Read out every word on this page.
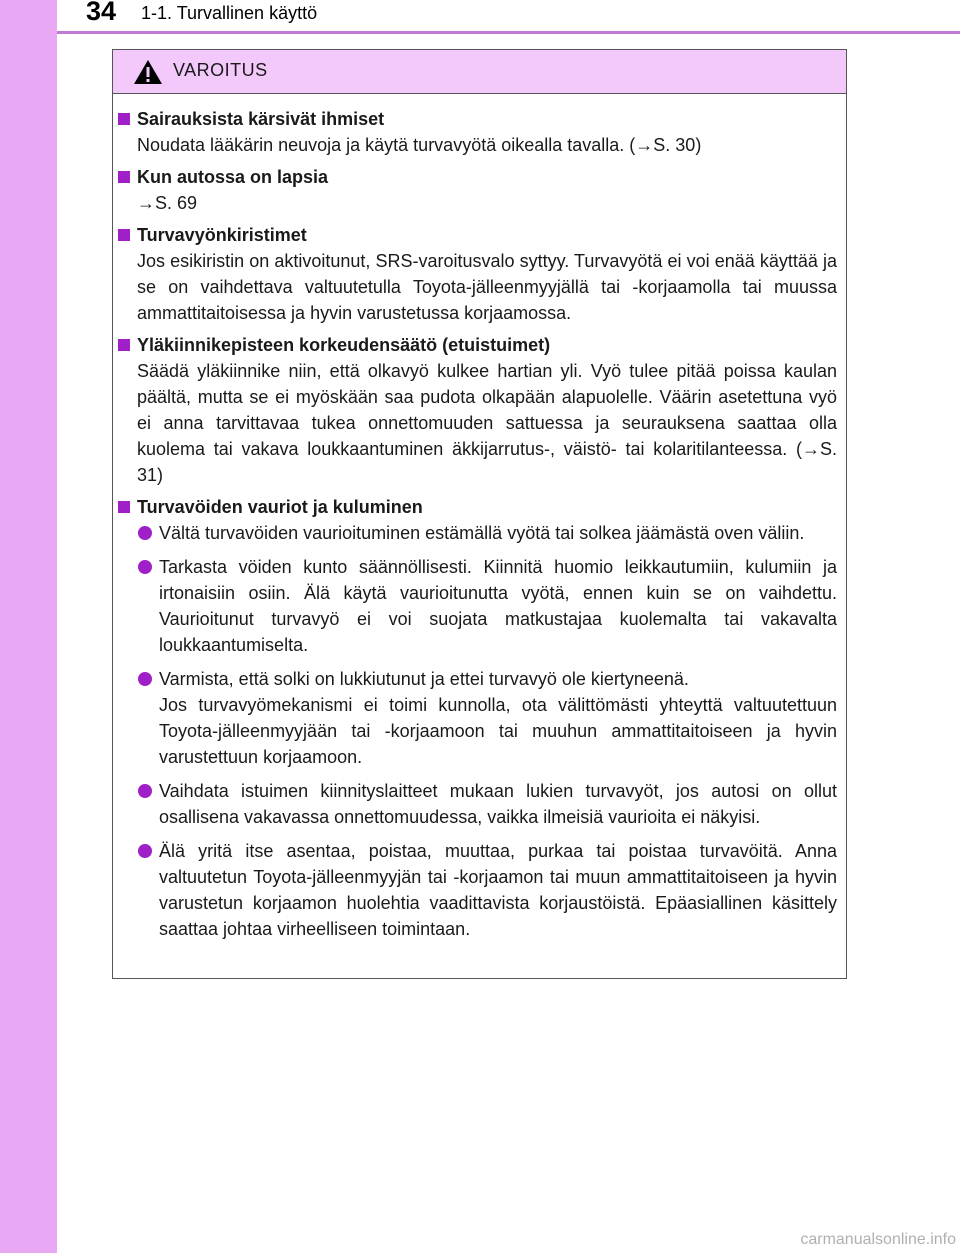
34 1-1. Turvallinen käyttö
VAROITUS
Sairauksista kärsivät ihmiset
Noudata lääkärin neuvoja ja käytä turvavyötä oikealla tavalla. (→S. 30)
Kun autossa on lapsia
→S. 69
Turvavyönkiristimet
Jos esikiristin on aktivoitunut, SRS-varoitusvalo syttyy. Turvavyötä ei voi enää käyttää ja se on vaihdettava valtuutetulla Toyota-jälleenmyyjällä tai -korjaamolla tai muussa ammattitaitoisessa ja hyvin varustetussa korjaamossa.
Yläkiinnikepisteen korkeudensäätö (etuistuimet)
Säädä yläkiinnike niin, että olkavyö kulkee hartian yli. Vyö tulee pitää poissa kaulan päältä, mutta se ei myöskään saa pudota olkapään alapuolelle. Väärin asetettuna vyö ei anna tarvittavaa tukea onnettomuuden sattuessa ja seurauksena saattaa olla kuolema tai vakava loukkaantuminen äkkijarrutus-, väistö- tai kolaritilanteessa. (→S. 31)
Turvavöiden vauriot ja kuluminen
Vältä turvavöiden vaurioituminen estämällä vyötä tai solkea jäämästä oven väliin.
Tarkasta vöiden kunto säännöllisesti. Kiinnitä huomio leikkautumiin, kulumiin ja irtonaisiin osiin. Älä käytä vaurioitunutta vyötä, ennen kuin se on vaihdettu. Vaurioitunut turvavyö ei voi suojata matkustajaa kuolemalta tai vakavalta loukkaantumiselta.
Varmista, että solki on lukkiutunut ja ettei turvavyö ole kiertyneenä.
Jos turvavyömekanismi ei toimi kunnolla, ota välittömästi yhteyttä valtuutettuun Toyota-jälleenmyyjään tai -korjaamoon tai muuhun ammattitaitoiseen ja hyvin varustettuun korjaamoon.
Vaihdata istuimen kiinnityslaitteet mukaan lukien turvavyöt, jos autosi on ollut osallisena vakavassa onnettomuudessa, vaikka ilmeisiä vaurioita ei näkyisi.
Älä yritä itse asentaa, poistaa, muuttaa, purkaa tai poistaa turvavöitä. Anna valtuutetun Toyota-jälleenmyyjän tai -korjaamon tai muun ammattitaitoiseen ja hyvin varustetun korjaamon huolehtia vaadittavista korjaustöistä. Epäasiallinen käsittely saattaa johtaa virheelliseen toimintaan.
carmanualsonline.info
